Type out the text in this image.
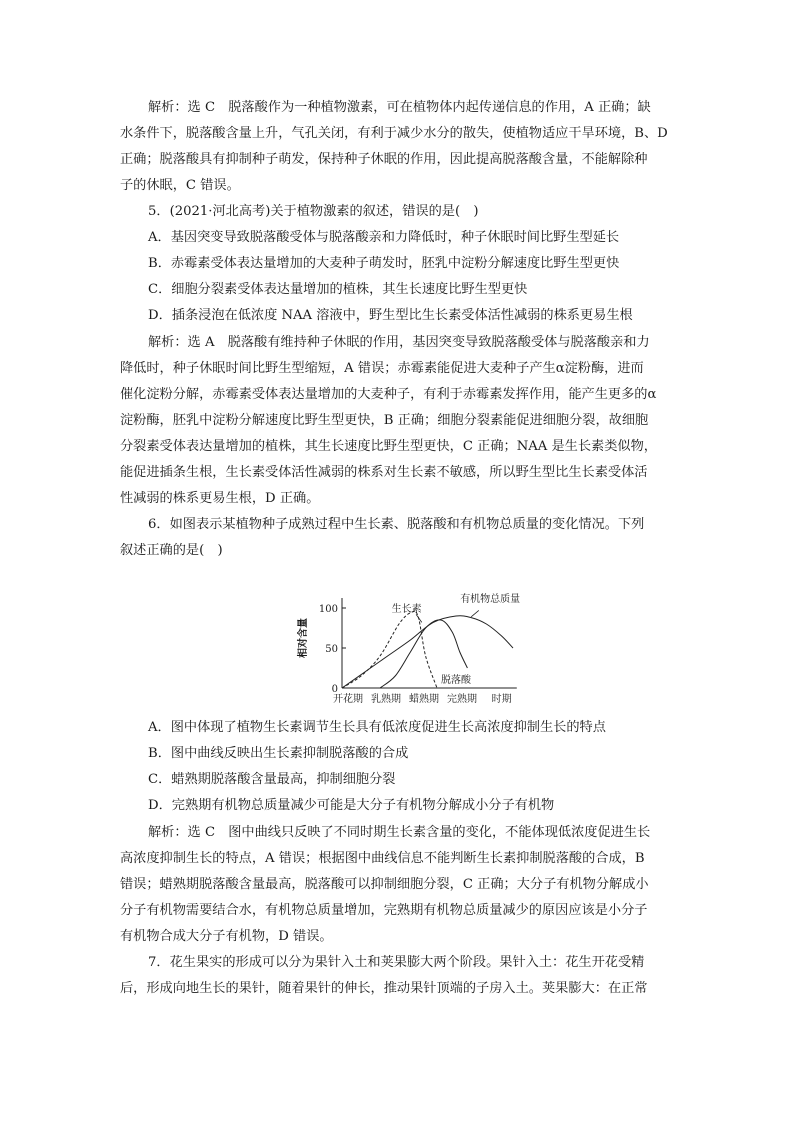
解析：选 C　脱落酸作为一种植物激素，可在植物体内起传递信息的作用，A 正确；缺
水条件下，脱落酸含量上升，气孔关闭，有利于减少水分的散失，使植物适应干旱环境，B、D
正确；脱落酸具有抑制种子萌发，保持种子休眠的作用，因此提高脱落酸含量，不能解除种
子的休眠，C 错误。
5．(2021·河北高考)关于植物激素的叙述，错误的是(　)
A．基因突变导致脱落酸受体与脱落酸亲和力降低时，种子休眠时间比野生型延长
B．赤霉素受体表达量增加的大麦种子萌发时，胚乳中淀粉分解速度比野生型更快
C．细胞分裂素受体表达量增加的植株，其生长速度比野生型更快
D．插条浸泡在低浓度 NAA 溶液中，野生型比生长素受体活性减弱的株系更易生根
解析：选 A　脱落酸有维持种子休眠的作用，基因突变导致脱落酸受体与脱落酸亲和力
降低时，种子休眠时间比野生型缩短，A 错误；赤霉素能促进大麦种子产生α淀粉酶，进而
催化淀粉分解，赤霉素受体表达量增加的大麦种子，有利于赤霉素发挥作用，能产生更多的α
淀粉酶，胚乳中淀粉分解速度比野生型更快，B 正确；细胞分裂素能促进细胞分裂，故细胞
分裂素受体表达量增加的植株，其生长速度比野生型更快，C 正确；NAA 是生长素类似物，
能促进插条生根，生长素受体活性减弱的株系对生长素不敏感，所以野生型比生长素受体活
性减弱的株系更易生根，D 正确。
6．如图表示某植物种子成熟过程中生长素、脱落酸和有机物总质量的变化情况。下列
叙述正确的是(　)
0
50
100
开花期 乳熟期 蜡熟期 完熟期 时期
相对含量
生长素
脱落酸
有机物总质量
A．图中体现了植物生长素调节生长具有低浓度促进生长高浓度抑制生长的特点
B．图中曲线反映出生长素抑制脱落酸的合成
C．蜡熟期脱落酸含量最高，抑制细胞分裂
D．完熟期有机物总质量减少可能是大分子有机物分解成小分子有机物
解析：选 C　图中曲线只反映了不同时期生长素含量的变化，不能体现低浓度促进生长
高浓度抑制生长的特点，A 错误；根据图中曲线信息不能判断生长素抑制脱落酸的合成，B
错误；蜡熟期脱落酸含量最高，脱落酸可以抑制细胞分裂，C 正确；大分子有机物分解成小
分子有机物需要结合水，有机物总质量增加，完熟期有机物总质量减少的原因应该是小分子
有机物合成大分子有机物，D 错误。
7．花生果实的形成可以分为果针入土和荚果膨大两个阶段。果针入土：花生开花受精
后，形成向地生长的果针，随着果针的伸长，推动果针顶端的子房入土。荚果膨大：在正常
